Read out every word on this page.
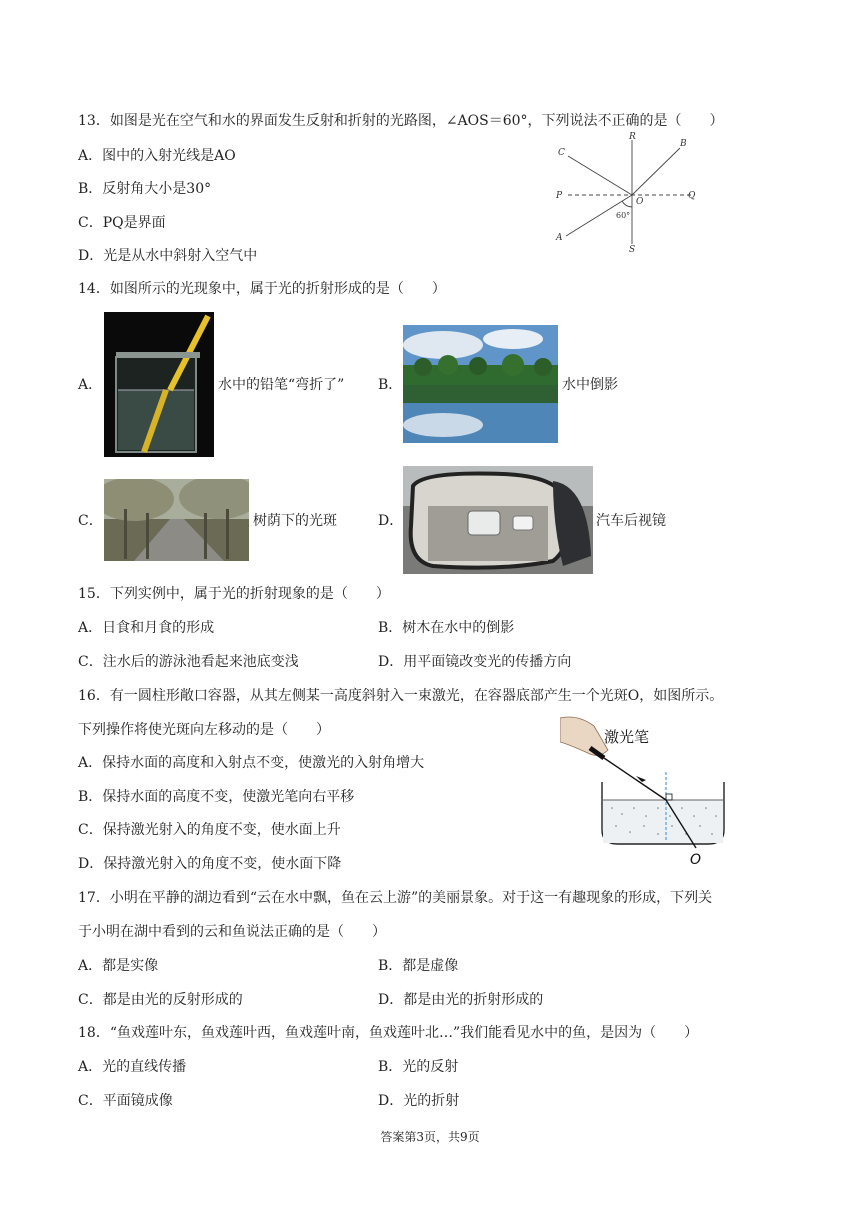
13．如图是光在空气和水的界面发生反射和折射的光路图，∠AOS＝60°，下列说法不正确的是（　　）
A．图中的入射光线是AO
B．反射角大小是30°
C．PQ是界面
D．光是从水中斜射入空气中
C
R
B
P
O
Q
A
S
60°
14．如图所示的光现象中，属于光的折射形成的是（　　）
A．	水中的铅笔“弯折了” B．	水中倒影
C．	树荫下的光斑	D．	汽车后视镜
15．下列实例中，属于光的折射现象的是（　　）
A．日食和月食的形成	B．树木在水中的倒影
C．注水后的游泳池看起来池底变浅	D．用平面镜改变光的传播方向
16．有一圆柱形敞口容器，从其左侧某一高度斜射入一束激光，在容器底部产生一个光斑O，如图所示。
下列操作将使光斑向左移动的是（　　）
A．保持水面的高度和入射点不变，使激光的入射角增大
B．保持水面的高度不变，使激光笔向右平移
C．保持激光射入的角度不变，使水面上升
D．保持激光射入的角度不变，使水面下降
激光笔
O
17．小明在平静的湖边看到“云在水中飘，鱼在云上游”的美丽景象。对于这一有趣现象的形成，下列关
于小明在湖中看到的云和鱼说法正确的是（　　）
A．都是实像	B．都是虚像
C．都是由光的反射形成的	D．都是由光的折射形成的
18．“鱼戏莲叶东，鱼戏莲叶西，鱼戏莲叶南，鱼戏莲叶北…”我们能看见水中的鱼，是因为（　　）
A．光的直线传播	B．光的反射
C．平面镜成像	D．光的折射
答案第3页，共9页
